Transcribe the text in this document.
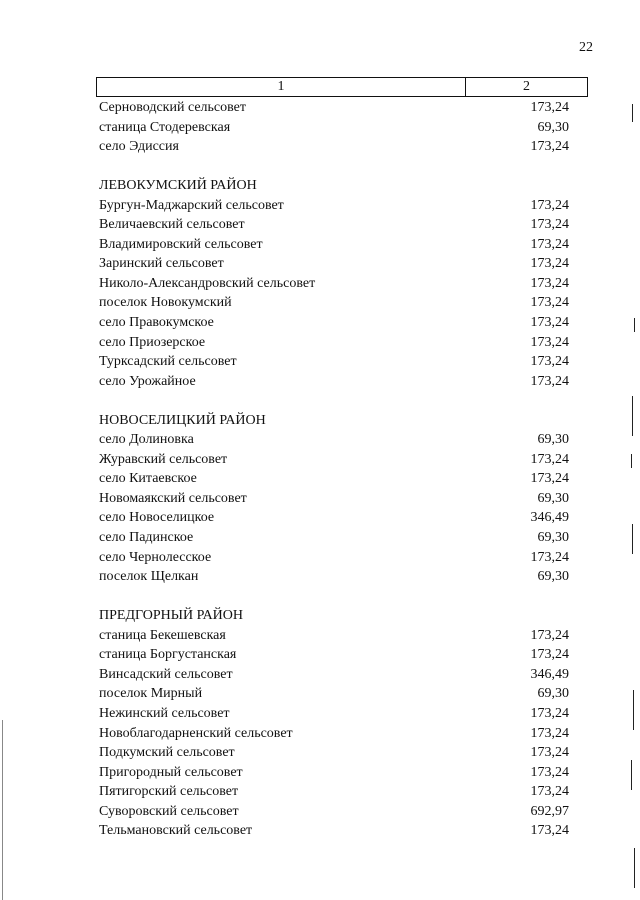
22
1	2
Серноводский сельсовет	173,24
станица Стодеревская	69,30
село Эдиссия	173,24
ЛЕВОКУМСКИЙ РАЙОН
Бургун-Маджарский сельсовет	173,24
Величаевский сельсовет	173,24
Владимировский сельсовет	173,24
Заринский сельсовет	173,24
Николо-Александровский сельсовет	173,24
поселок Новокумский	173,24
село Правокумское	173,24
село Приозерское	173,24
Турксадский сельсовет	173,24
село Урожайное	173,24
НОВОСЕЛИЦКИЙ РАЙОН
село Долиновка	69,30
Журавский сельсовет	173,24
село Китаевское	173,24
Новомаякский сельсовет	69,30
село Новоселицкое	346,49
село Падинское	69,30
село Чернолесское	173,24
поселок Щелкан	69,30
ПРЕДГОРНЫЙ РАЙОН
станица Бекешевская	173,24
станица Боргустанская	173,24
Винсадский сельсовет	346,49
поселок Мирный	69,30
Нежинский сельсовет	173,24
Новоблагодарненский сельсовет	173,24
Подкумский сельсовет	173,24
Пригородный сельсовет	173,24
Пятигорский сельсовет	173,24
Суворовский сельсовет	692,97
Тельмановский сельсовет	173,24
